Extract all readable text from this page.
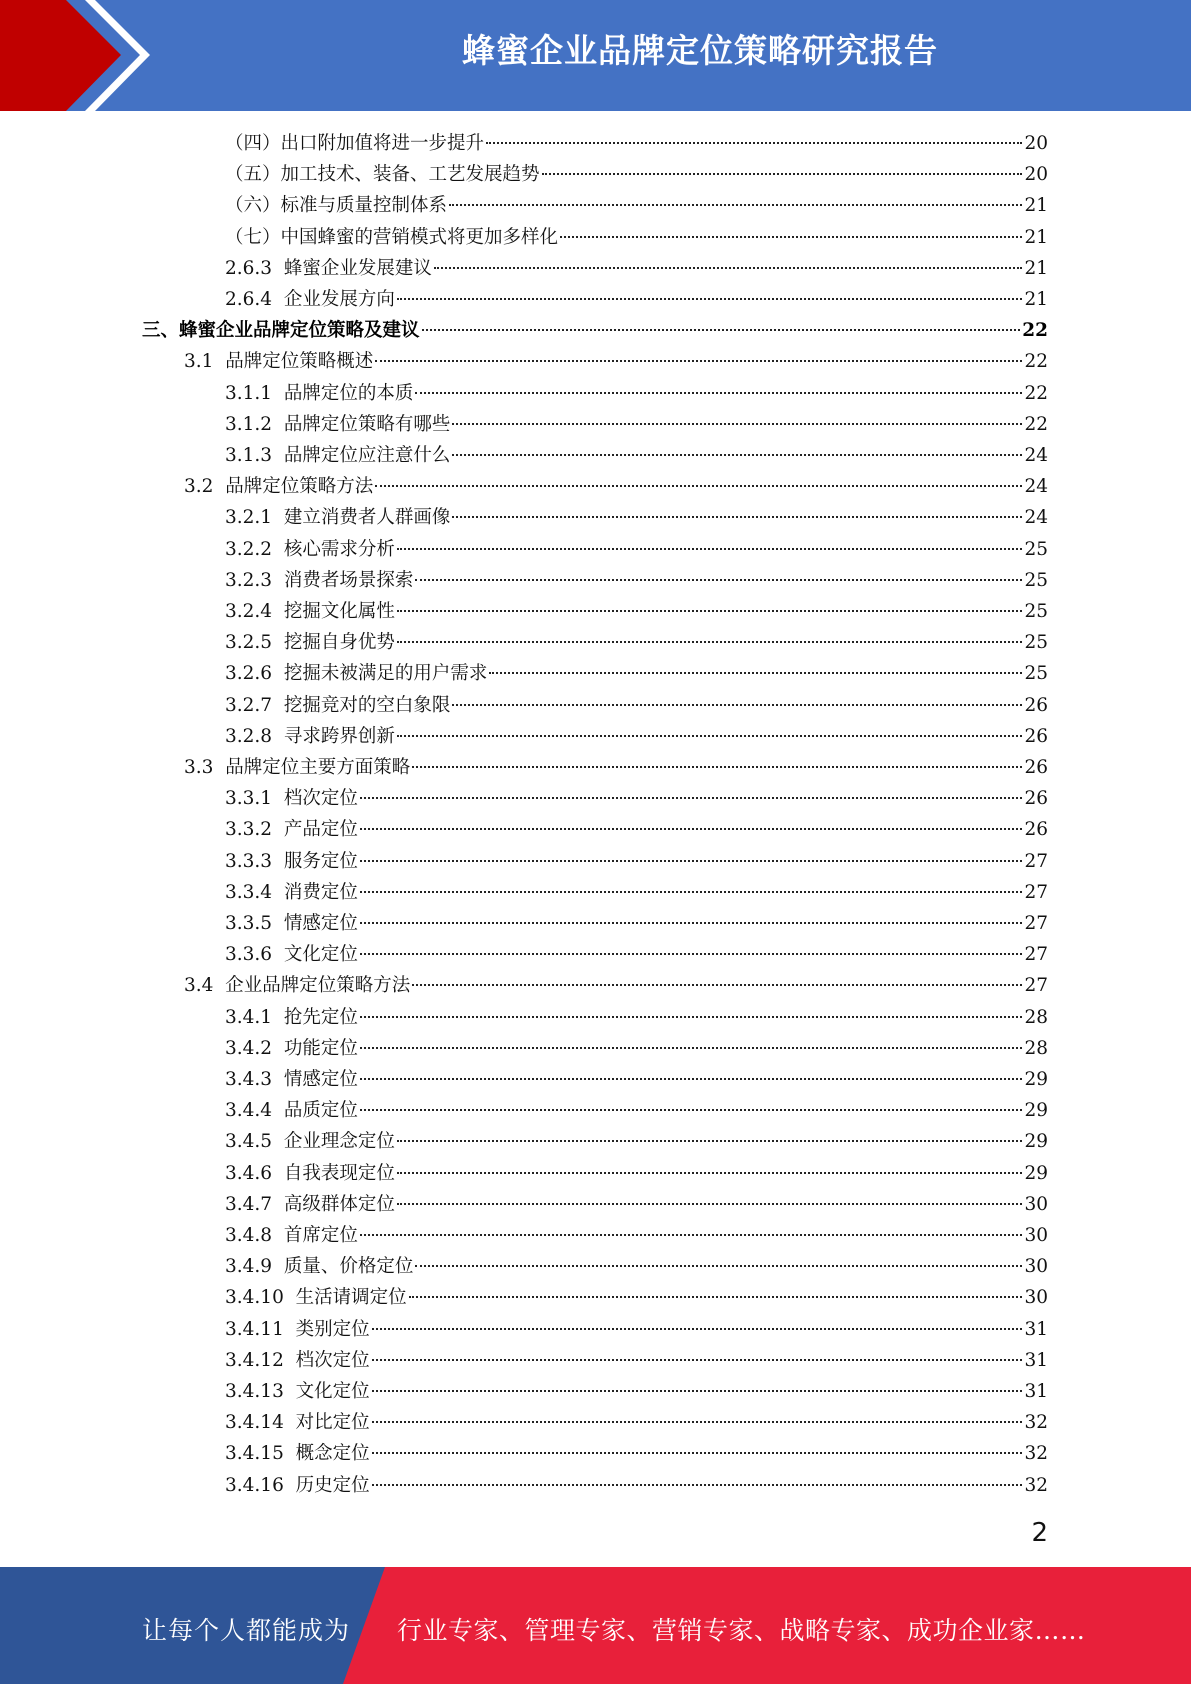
蜂蜜企业品牌定位策略研究报告
（四） 出口附加值将进一步提升	20
（五） 加工技术、装备、工艺发展趋势	20
（六） 标准与质量控制体系	21
（七） 中国蜂蜜的营销模式将更加多样化	21
2.6.3 蜂蜜企业发展建议	21
2.6.4 企业发展方向	21
三、 蜂蜜企业品牌定位策略及建议	22
3.1 品牌定位策略概述	22
3.1.1 品牌定位的本质	22
3.1.2 品牌定位策略有哪些	22
3.1.3 品牌定位应注意什么	24
3.2 品牌定位策略方法	24
3.2.1 建立消费者人群画像	24
3.2.2 核心需求分析	25
3.2.3 消费者场景探索	25
3.2.4 挖掘文化属性	25
3.2.5 挖掘自身优势	25
3.2.6 挖掘未被满足的用户需求	25
3.2.7 挖掘竞对的空白象限	26
3.2.8 寻求跨界创新	26
3.3 品牌定位主要方面策略	26
3.3.1 档次定位	26
3.3.2 产品定位	26
3.3.3 服务定位	27
3.3.4 消费定位	27
3.3.5 情感定位	27
3.3.6 文化定位	27
3.4 企业品牌定位策略方法	27
3.4.1 抢先定位	28
3.4.2 功能定位	28
3.4.3 情感定位	29
3.4.4 品质定位	29
3.4.5 企业理念定位	29
3.4.6 自我表现定位	29
3.4.7 高级群体定位	30
3.4.8 首席定位	30
3.4.9 质量、价格定位	30
3.4.10 生活请调定位	30
3.4.11 类别定位	31
3.4.12 档次定位	31
3.4.13 文化定位	31
3.4.14 对比定位	32
3.4.15 概念定位	32
3.4.16 历史定位	32
2
让每个人都能成为 行业专家、管理专家、营销专家、战略专家、成功企业家……
